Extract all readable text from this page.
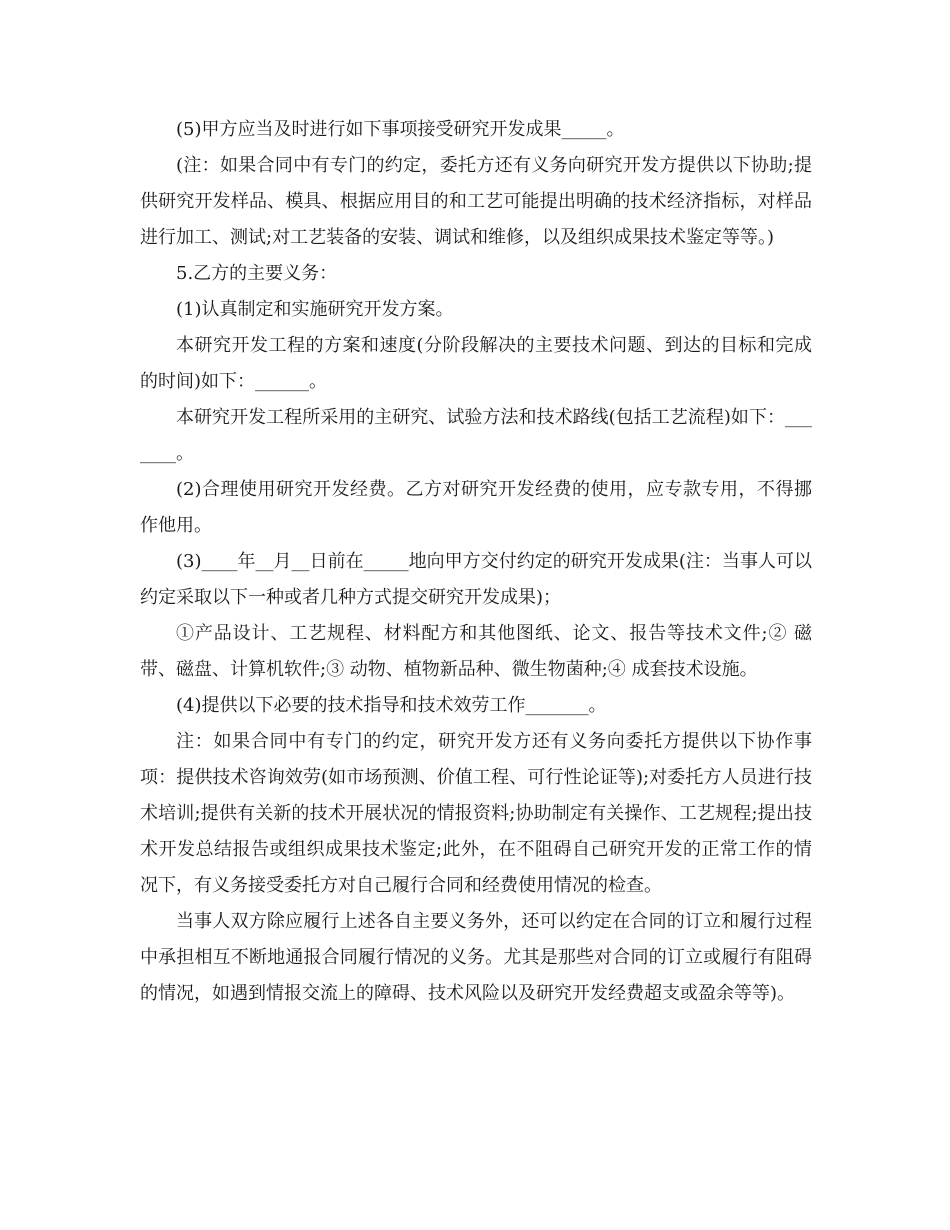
(5)甲方应当及时进行如下事项接受研究开发成果_____。

(注：如果合同中有专门的约定，委托方还有义务向研究开发方提供以下协助;提供研究开发样品、模具、根据应用目的和工艺可能提出明确的技术经济指标，对样品进行加工、测试;对工艺装备的安装、调试和维修，以及组织成果技术鉴定等等。)

5.乙方的主要义务：

(1)认真制定和实施研究开发方案。

本研究开发工程的方案和速度(分阶段解决的主要技术问题、到达的目标和完成的时间)如下：______。

本研究开发工程所采用的主研究、试验方法和技术路线(包括工艺流程)如下：_______。

(2)合理使用研究开发经费。乙方对研究开发经费的使用，应专款专用，不得挪作他用。

(3)____年__月__日前在_____地向甲方交付约定的研究开发成果(注：当事人可以约定采取以下一种或者几种方式提交研究开发成果)；

①产品设计、工艺规程、材料配方和其他图纸、论文、报告等技术文件;② 磁带、磁盘、计算机软件;③ 动物、植物新品种、微生物菌种;④ 成套技术设施。

(4)提供以下必要的技术指导和技术效劳工作_______。

注：如果合同中有专门的约定，研究开发方还有义务向委托方提供以下协作事项：提供技术咨询效劳(如市场预测、价值工程、可行性论证等);对委托方人员进行技术培训;提供有关新的技术开展状况的情报资料;协助制定有关操作、工艺规程;提出技术开发总结报告或组织成果技术鉴定;此外，在不阻碍自己研究开发的正常工作的情况下，有义务接受委托方对自己履行合同和经费使用情况的检查。

当事人双方除应履行上述各自主要义务外，还可以约定在合同的订立和履行过程中承担相互不断地通报合同履行情况的义务。尤其是那些对合同的订立或履行有阻碍的情况，如遇到情报交流上的障碍、技术风险以及研究开发经费超支或盈余等等)。
